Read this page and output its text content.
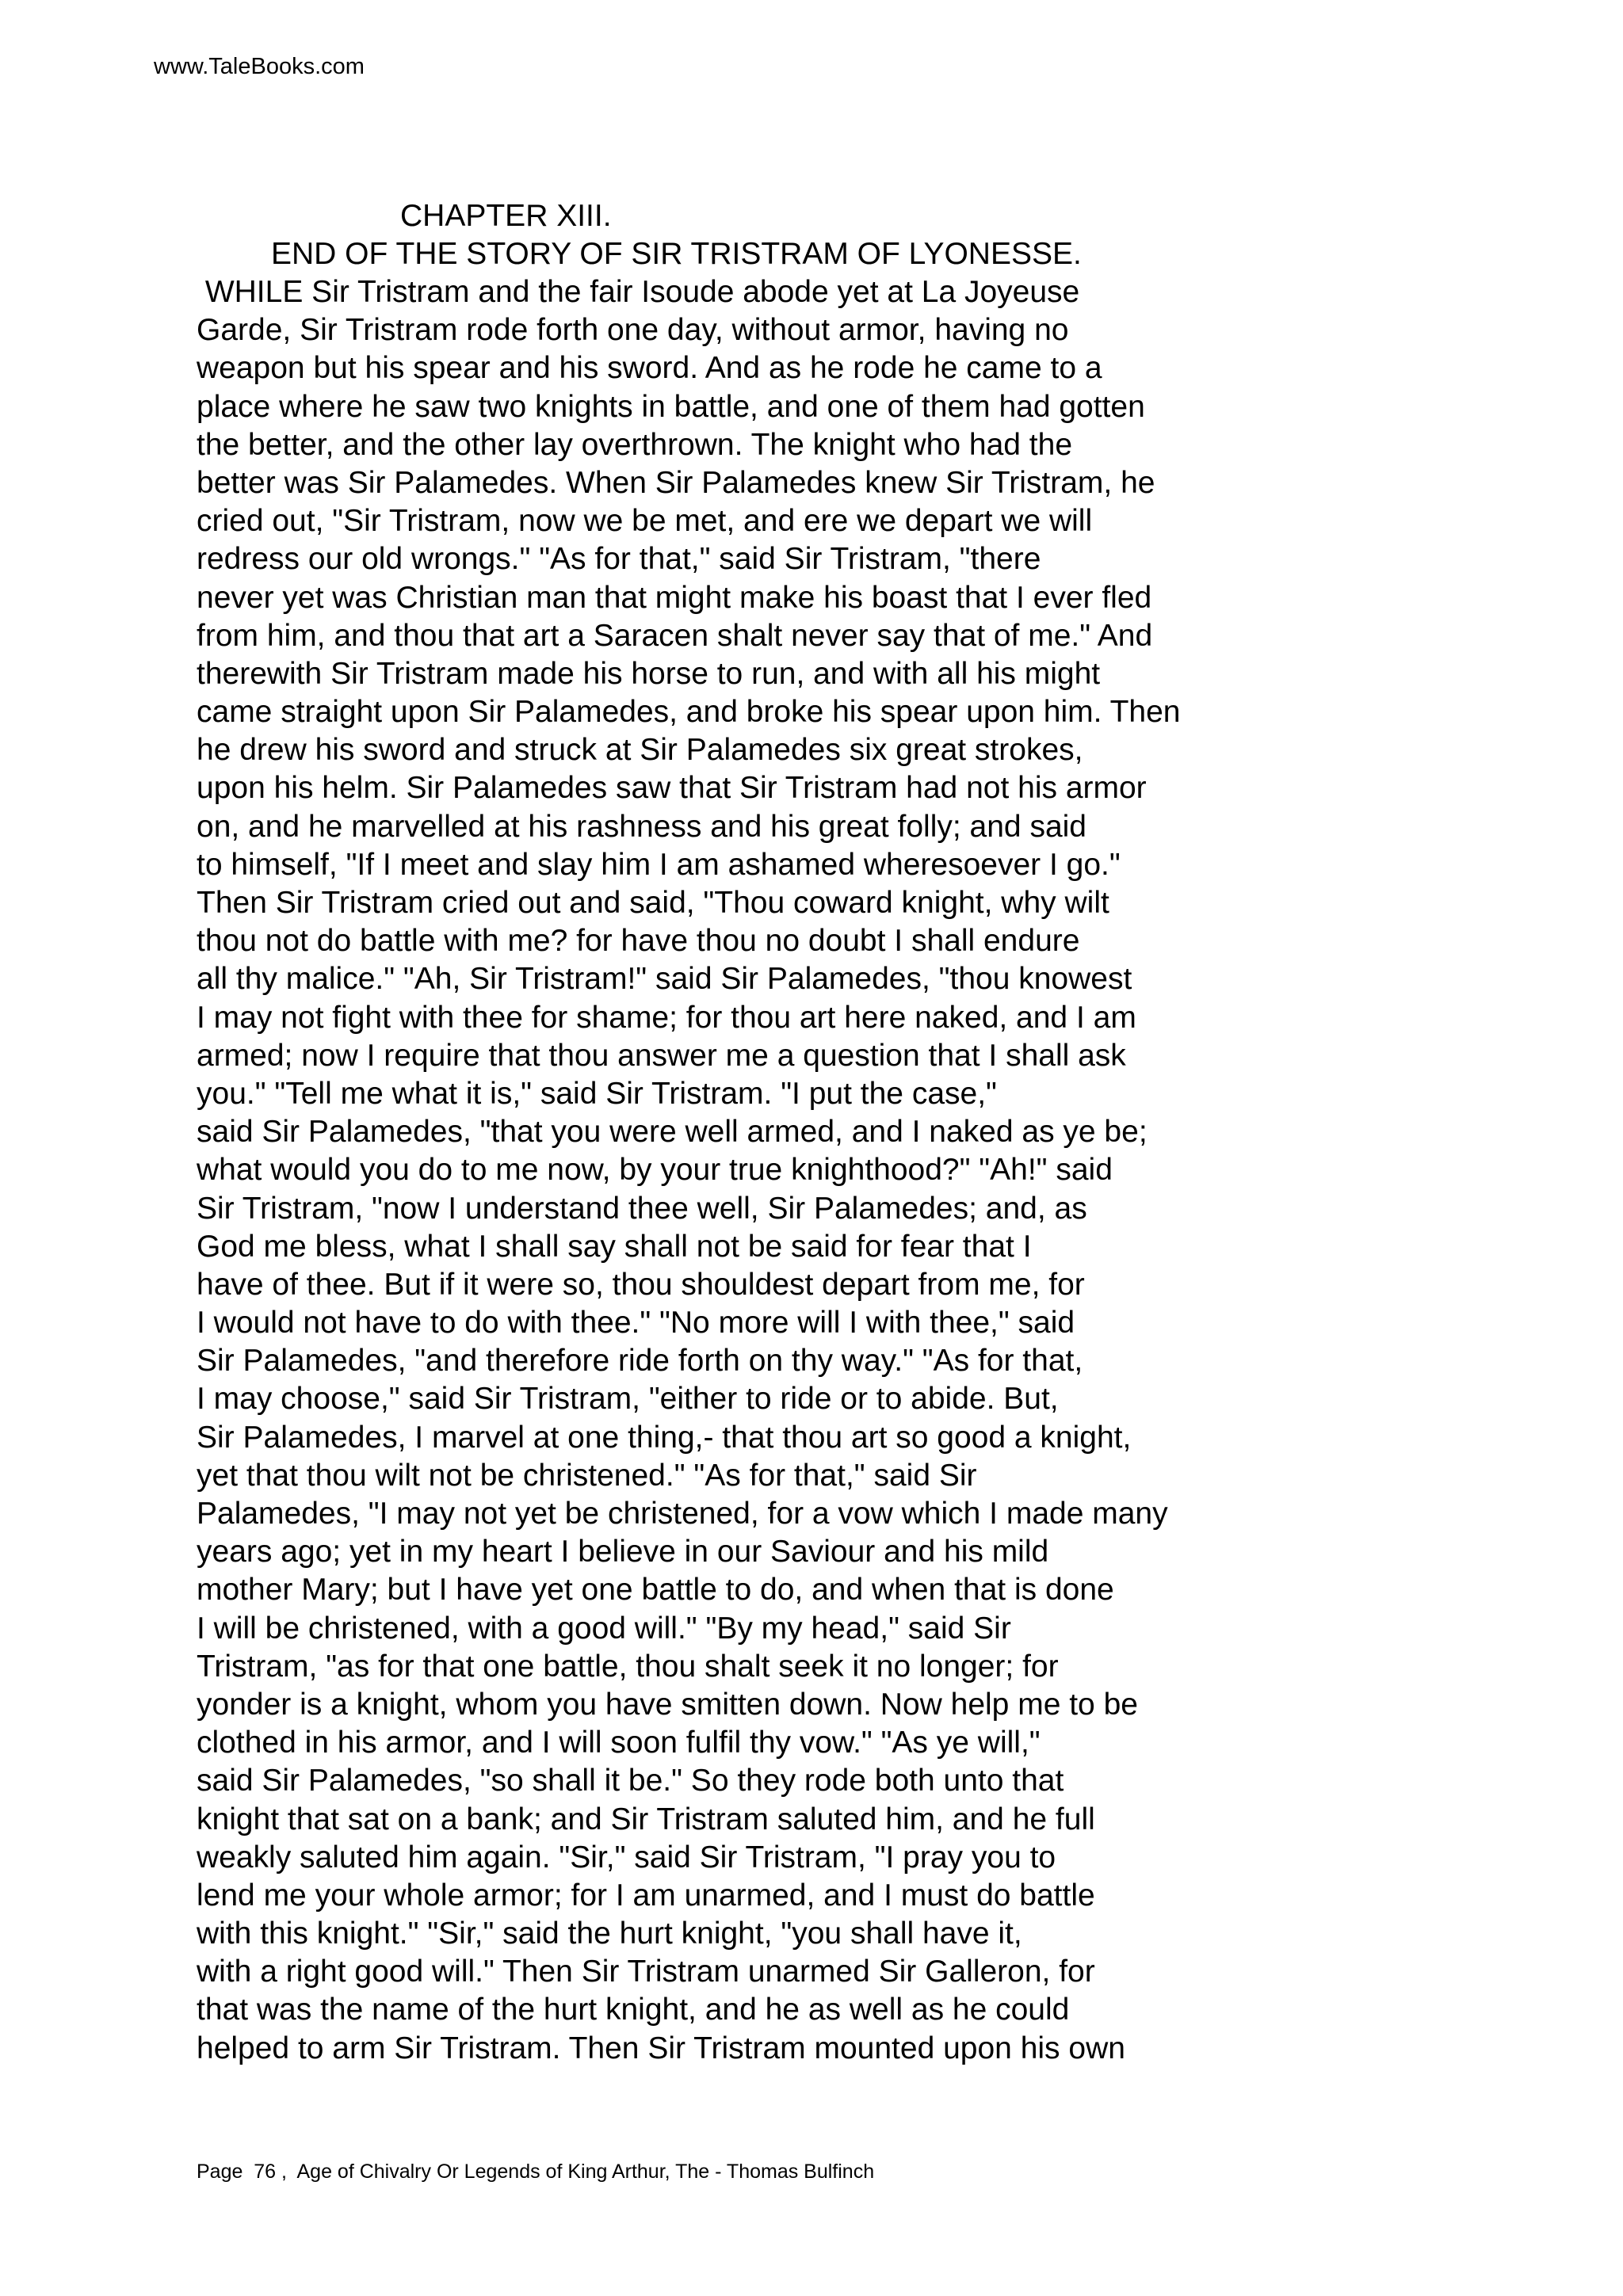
www.TaleBooks.com
CHAPTER XIII.
END OF THE STORY OF SIR TRISTRAM OF LYONESSE.
WHILE Sir Tristram and the fair Isoude abode yet at La Joyeuse
Garde, Sir Tristram rode forth one day, without armor, having no
weapon but his spear and his sword. And as he rode he came to a
place where he saw two knights in battle, and one of them had gotten
the better, and the other lay overthrown. The knight who had the
better was Sir Palamedes. When Sir Palamedes knew Sir Tristram, he
cried out, "Sir Tristram, now we be met, and ere we depart we will
redress our old wrongs." "As for that," said Sir Tristram, "there
never yet was Christian man that might make his boast that I ever fled
from him, and thou that art a Saracen shalt never say that of me." And
therewith Sir Tristram made his horse to run, and with all his might
came straight upon Sir Palamedes, and broke his spear upon him. Then
he drew his sword and struck at Sir Palamedes six great strokes,
upon his helm. Sir Palamedes saw that Sir Tristram had not his armor
on, and he marvelled at his rashness and his great folly; and said
to himself, "If I meet and slay him I am ashamed wheresoever I go."
Then Sir Tristram cried out and said, "Thou coward knight, why wilt
thou not do battle with me? for have thou no doubt I shall endure
all thy malice." "Ah, Sir Tristram!" said Sir Palamedes, "thou knowest
I may not fight with thee for shame; for thou art here naked, and I am
armed; now I require that thou answer me a question that I shall ask
you." "Tell me what it is," said Sir Tristram. "I put the case,"
said Sir Palamedes, "that you were well armed, and I naked as ye be;
what would you do to me now, by your true knighthood?" "Ah!" said
Sir Tristram, "now I understand thee well, Sir Palamedes; and, as
God me bless, what I shall say shall not be said for fear that I
have of thee. But if it were so, thou shouldest depart from me, for
I would not have to do with thee." "No more will I with thee," said
Sir Palamedes, "and therefore ride forth on thy way." "As for that,
I may choose," said Sir Tristram, "either to ride or to abide. But,
Sir Palamedes, I marvel at one thing,- that thou art so good a knight,
yet that thou wilt not be christened." "As for that," said Sir
Palamedes, "I may not yet be christened, for a vow which I made many
years ago; yet in my heart I believe in our Saviour and his mild
mother Mary; but I have yet one battle to do, and when that is done
I will be christened, with a good will." "By my head," said Sir
Tristram, "as for that one battle, thou shalt seek it no longer; for
yonder is a knight, whom you have smitten down. Now help me to be
clothed in his armor, and I will soon fulfil thy vow." "As ye will,"
said Sir Palamedes, "so shall it be." So they rode both unto that
knight that sat on a bank; and Sir Tristram saluted him, and he full
weakly saluted him again. "Sir," said Sir Tristram, "I pray you to
lend me your whole armor; for I am unarmed, and I must do battle
with this knight." "Sir," said the hurt knight, "you shall have it,
with a right good will." Then Sir Tristram unarmed Sir Galleron, for
that was the name of the hurt knight, and he as well as he could
helped to arm Sir Tristram. Then Sir Tristram mounted upon his own
Page  76 ,  Age of Chivalry Or Legends of King Arthur, The - Thomas Bulfinch
